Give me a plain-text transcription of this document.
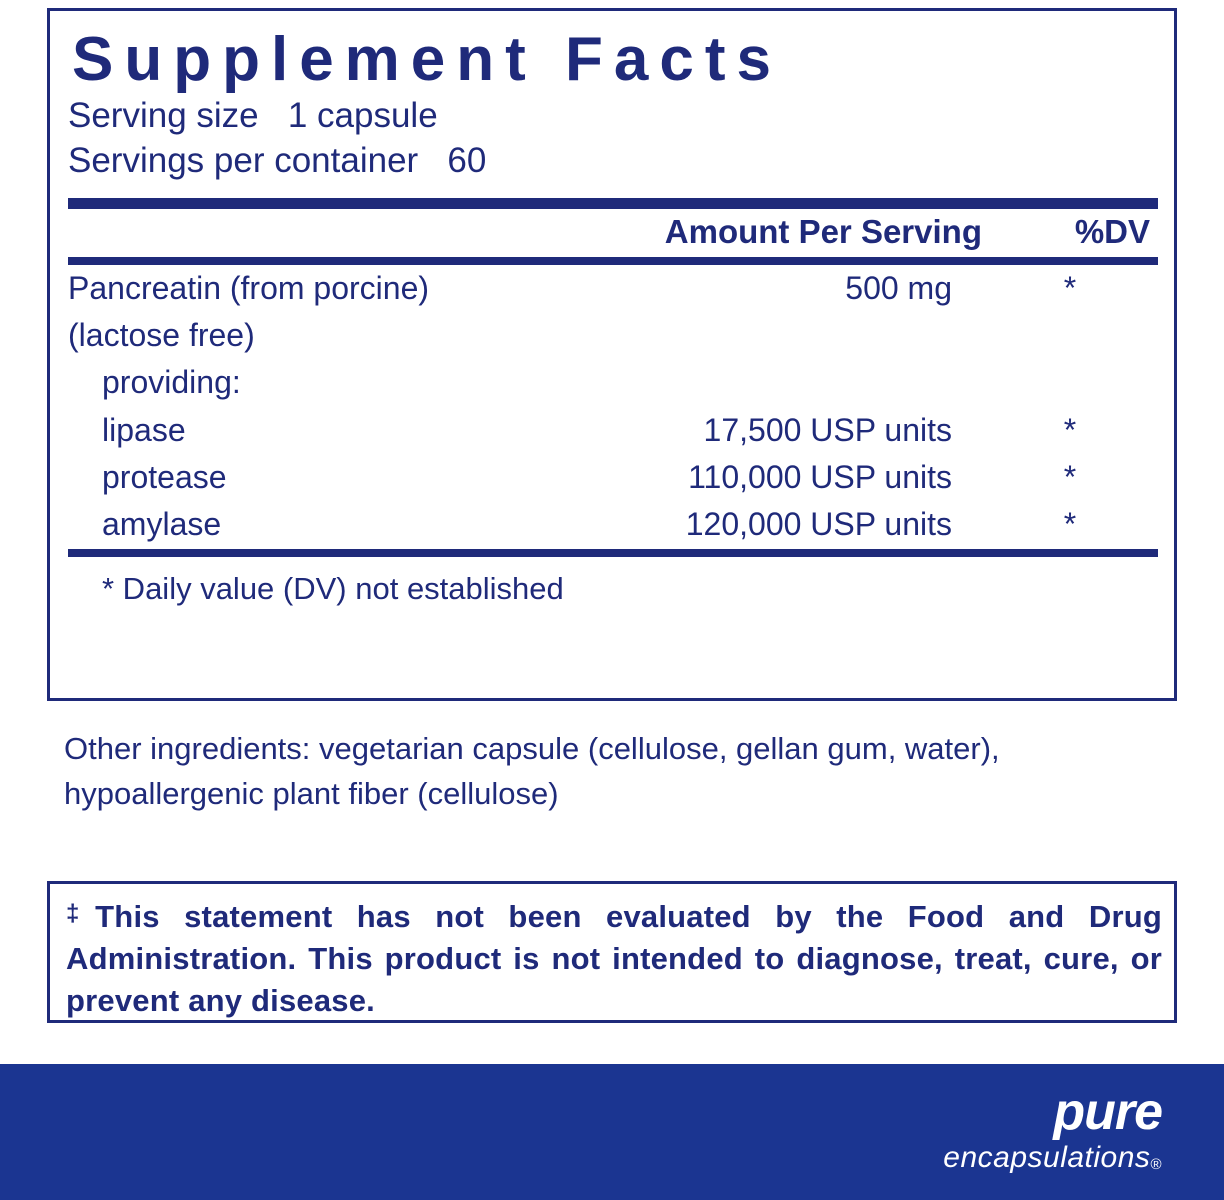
Supplement Facts
Serving size 1 capsule
Servings per container 60
Amount Per Serving	%DV
Pancreatin (from porcine)	500 mg	*
(lactose free)		
providing:		
lipase	17,500 USP units	*
protease	110,000 USP units	*
amylase	120,000 USP units	*
* Daily value (DV) not established
Other ingredients: vegetarian capsule (cellulose, gellan gum, water), hypoallergenic plant fiber (cellulose)
‡This statement has not been evaluated by the Food and Drug Administration. This product is not intended to diagnose, treat, cure, or prevent any disease.
pure
encapsulations®
